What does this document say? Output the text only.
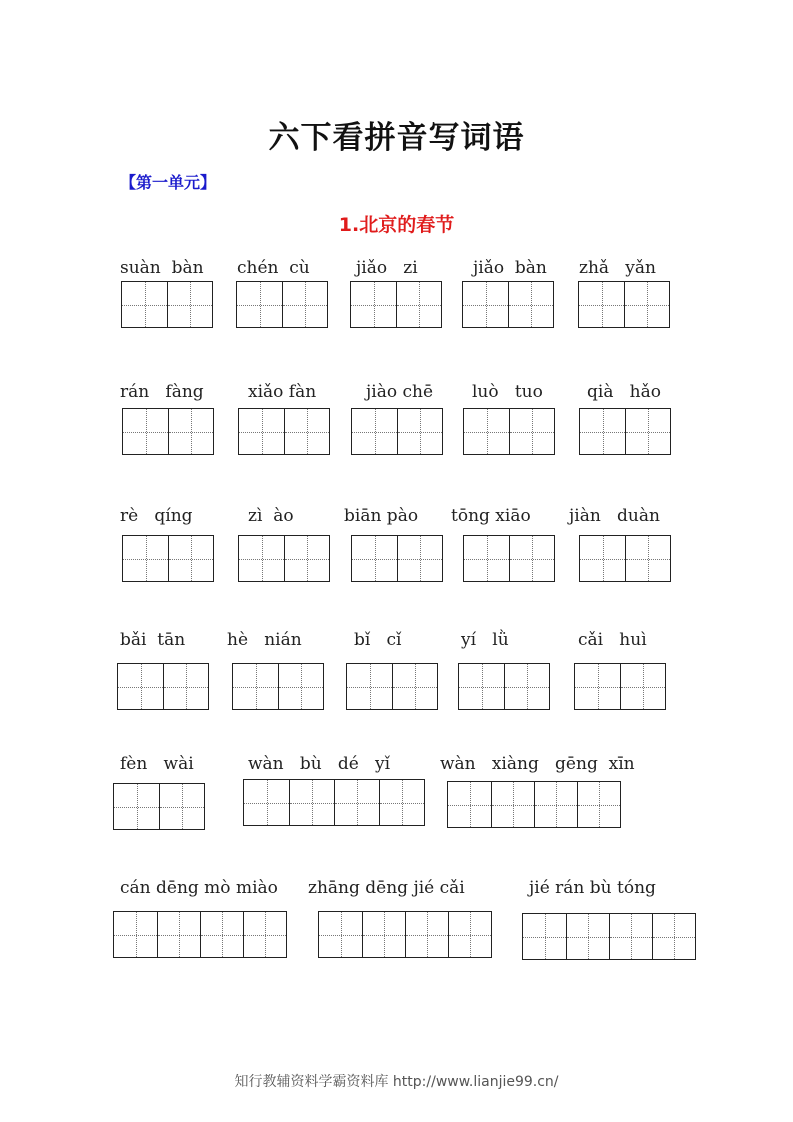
六下看拼音写词语
【第一单元】
1.北京的春节
suàn  bàn chén  cù	jiǎo   zi	jiǎo  bàn zhǎ   yǎn
rán   fàng	xiǎo fàn	jiào chē luò   tuo	qià   hǎo
rè   qíng	zì  ào	biān pào tōng xiāo jiàn   duàn
bǎi  tān hè   nián	bǐ   cǐ	yí   lǜ	cǎi   huì
fèn   wài	wàn   bù   dé   yǐ	wàn   xiàng   gēng  xīn
cán dēng mò miào zhāng dēng jié cǎi	jié rán bù tóng
知行教辅资料学霸资料库 http://www.lianjie99.cn/
